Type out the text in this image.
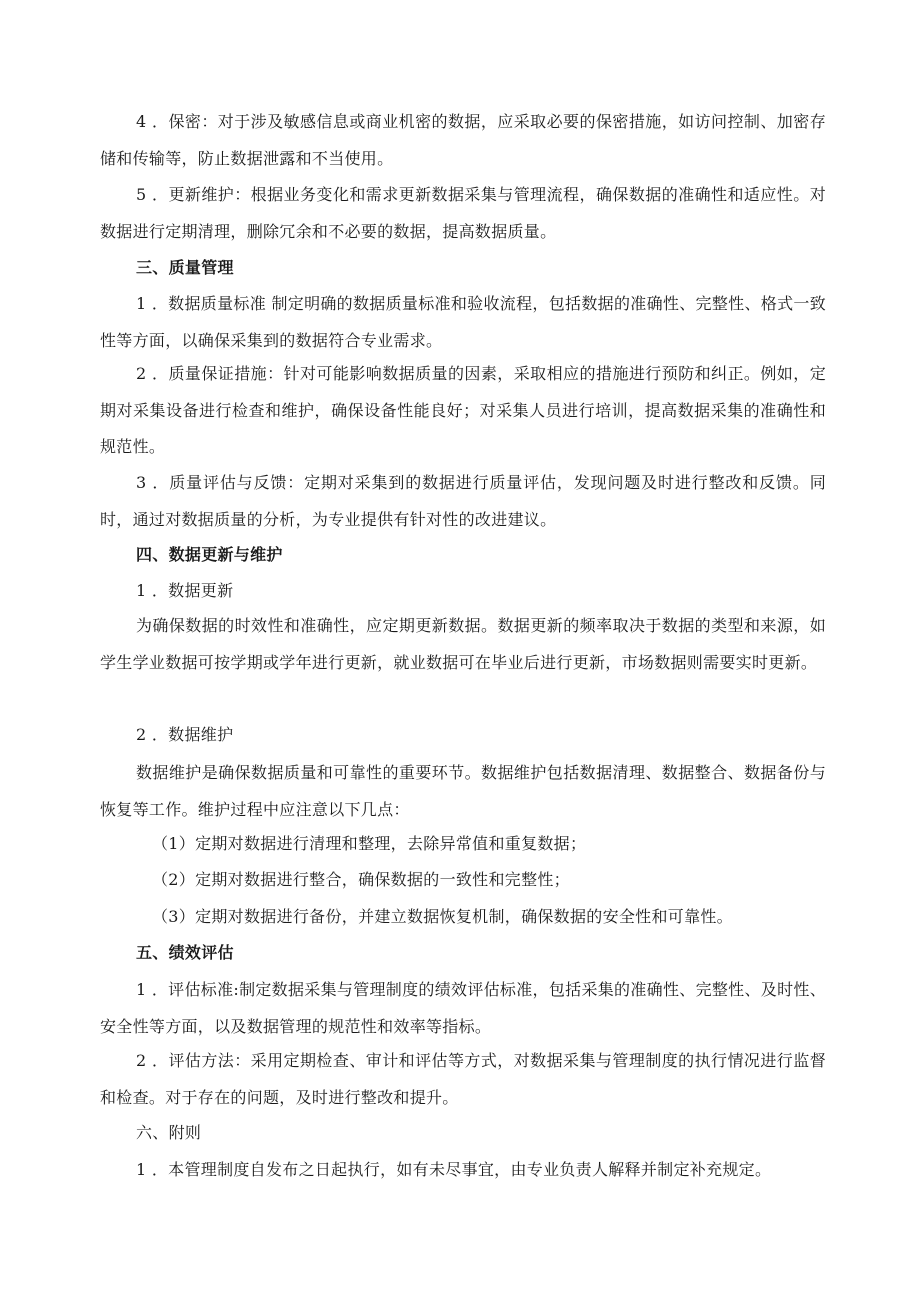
4 ．保密：对于涉及敏感信息或商业机密的数据，应采取必要的保密措施，如访问控制、加密存储和传输等，防止数据泄露和不当使用。

5 ．更新维护：根据业务变化和需求更新数据采集与管理流程，确保数据的准确性和适应性。对数据进行定期清理，删除冗余和不必要的数据，提高数据质量。

三、质量管理

1 ．数据质量标准 制定明确的数据质量标准和验收流程，包括数据的准确性、完整性、格式一致性等方面，以确保采集到的数据符合专业需求。

2 ．质量保证措施：针对可能影响数据质量的因素，采取相应的措施进行预防和纠正。例如，定期对采集设备进行检查和维护，确保设备性能良好；对采集人员进行培训，提高数据采集的准确性和规范性。

3 ．质量评估与反馈：定期对采集到的数据进行质量评估，发现问题及时进行整改和反馈。同时，通过对数据质量的分析，为专业提供有针对性的改进建议。

四、数据更新与维护

1 ．数据更新

为确保数据的时效性和准确性，应定期更新数据。数据更新的频率取决于数据的类型和来源，如学生学业数据可按学期或学年进行更新，就业数据可在毕业后进行更新，市场数据则需要实时更新。

2 ．数据维护

数据维护是确保数据质量和可靠性的重要环节。数据维护包括数据清理、数据整合、数据备份与恢复等工作。维护过程中应注意以下几点：

（1）定期对数据进行清理和整理，去除异常值和重复数据；

（2）定期对数据进行整合，确保数据的一致性和完整性；

（3）定期对数据进行备份，并建立数据恢复机制，确保数据的安全性和可靠性。

五、绩效评估

1 ．评估标准:制定数据采集与管理制度的绩效评估标准，包括采集的准确性、完整性、及时性、安全性等方面，以及数据管理的规范性和效率等指标。

2 ．评估方法：采用定期检查、审计和评估等方式，对数据采集与管理制度的执行情况进行监督和检查。对于存在的问题，及时进行整改和提升。

六、附则

1 ．本管理制度自发布之日起执行，如有未尽事宜，由专业负责人解释并制定补充规定。
